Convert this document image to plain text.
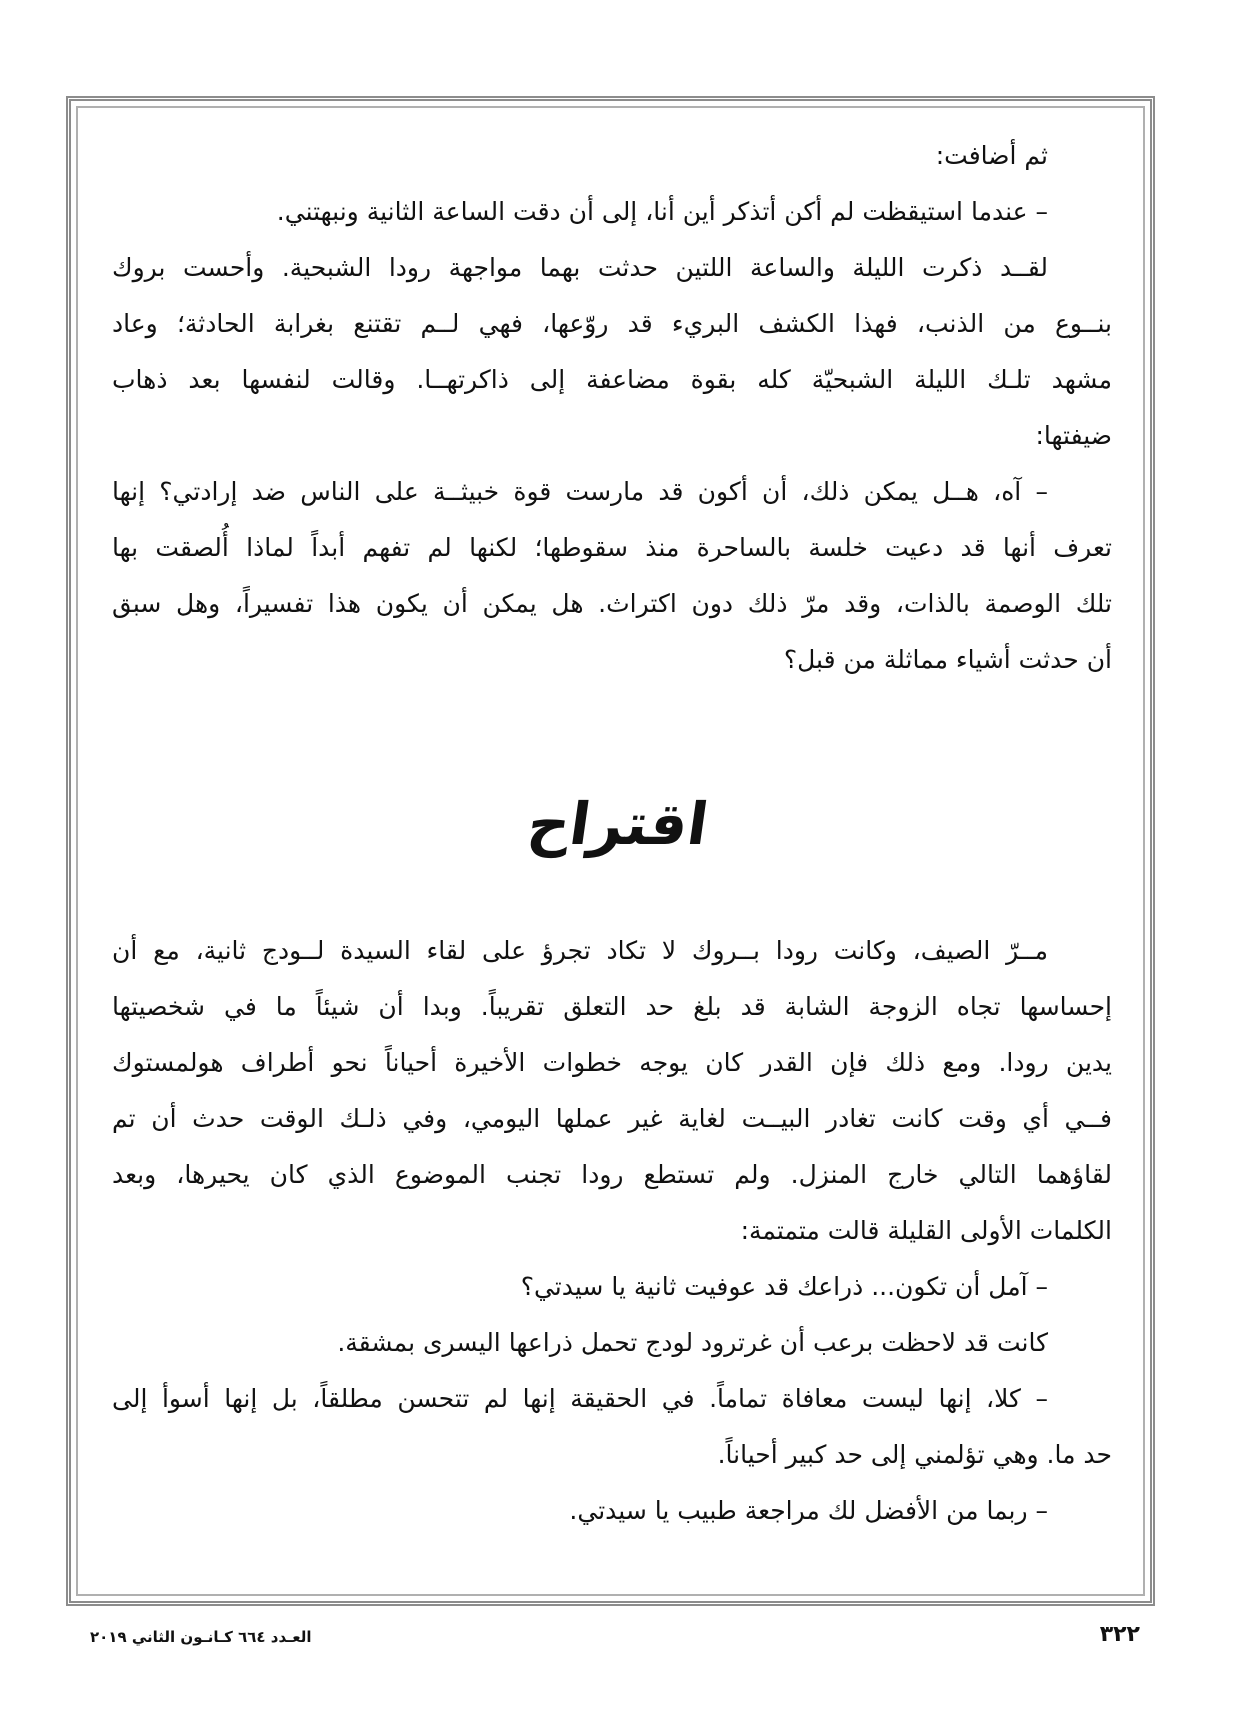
ثم أضافت:
– عندما استيقظت لم أكن أتذكر أين أنا، إلى أن دقت الساعة الثانية ونبهتني.
لقــد ذكرت الليلة والساعة اللتين حدثت بهما مواجهة رودا الشبحية. وأحست بروك
بنــوع من الذنب، فهذا الكشف البريء قد روّعها، فهي لــم تقتنع بغرابة الحادثة؛ وعاد
مشهد تلـك الليلة الشبحيّة كله بقوة مضاعفة إلى ذاكرتهــا. وقالت لنفسها بعد ذهاب
ضيفتها:
– آه، هــل يمكن ذلك، أن أكون قد مارست قوة خبيثــة على الناس ضد إرادتي؟ إنها
تعرف أنها قد دعيت خلسة بالساحرة منذ سقوطها؛ لكنها لم تفهم أبداً لماذا أُلصقت بها
تلك الوصمة بالذات، وقد مرّ ذلك دون اكتراث. هل يمكن أن يكون هذا تفسيراً، وهل سبق
أن حدثت أشياء مماثلة من قبل؟
اقتراح
مــرّ الصيف، وكانت رودا بــروك لا تكاد تجرؤ على لقاء السيدة لــودج ثانية، مع أن
إحساسها تجاه الزوجة الشابة قد بلغ حد التعلق تقريباً. وبدا أن شيئاً ما في شخصيتها
يدين رودا. ومع ذلك فإن القدر كان يوجه خطوات الأخيرة أحياناً نحو أطراف هولمستوك
فــي أي وقت كانت تغادر البيــت لغاية غير عملها اليومي، وفي ذلـك الوقت حدث أن تم
لقاؤهما التالي خارج المنزل. ولم تستطع رودا تجنب الموضوع الذي كان يحيرها، وبعد
الكلمات الأولى القليلة قالت متمتمة:
– آمل أن تكون... ذراعك قد عوفيت ثانية يا سيدتي؟
كانت قد لاحظت برعب أن غرترود لودج تحمل ذراعها اليسرى بمشقة.
– كلا، إنها ليست معافاة تماماً. في الحقيقة إنها لم تتحسن مطلقاً، بل إنها أسوأ إلى
حد ما. وهي تؤلمني إلى حد كبير أحياناً.
– ربما من الأفضل لك مراجعة طبيب يا سيدتي.
العـدد ٦٦٤ كـانـون الثاني ٢٠١٩	٣٢٢
